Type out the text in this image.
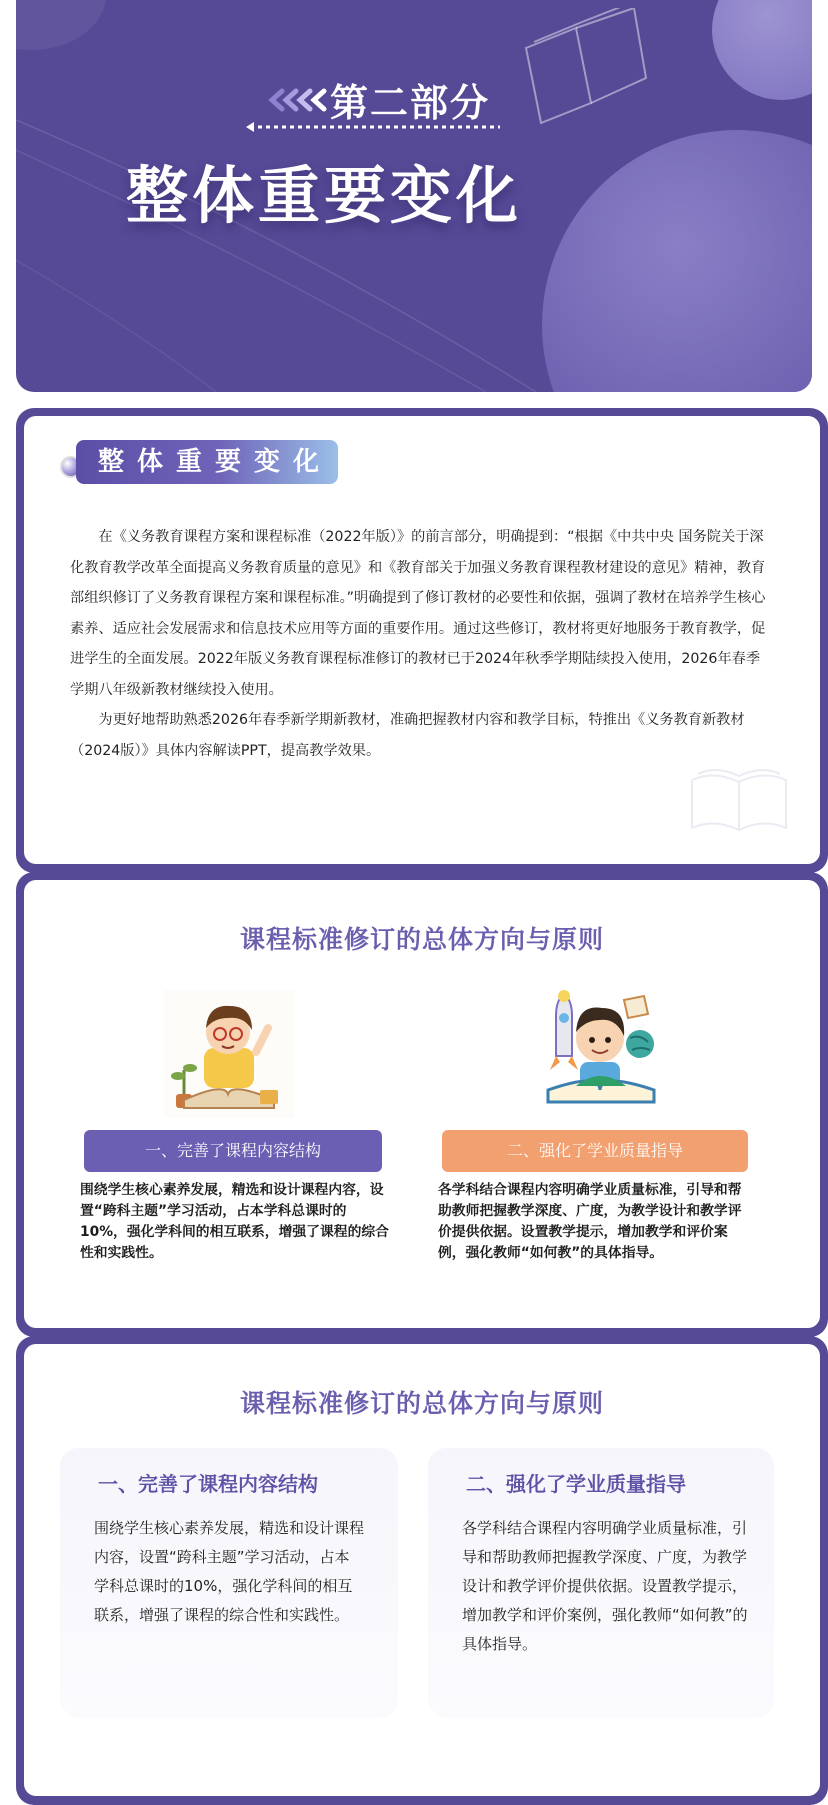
第二部分
整体重要变化
整体重要变化

在《义务教育课程方案和课程标准（2022年版）》的前言部分，明确提到：“根据《中共中央 国务院关于深化教育教学改革全面提高义务教育质量的意见》和《教育部关于加强义务教育课程教材建设的意见》精神，教育部组织修订了义务教育课程方案和课程标准。”明确提到了修订教材的必要性和依据，强调了教材在培养学生核心素养、适应社会发展需求和信息技术应用等方面的重要作用。通过这些修订，教材将更好地服务于教育教学，促进学生的全面发展。2022年版义务教育课程标准修订的教材已于2024年秋季学期陆续投入使用，2026年春季学期八年级新教材继续投入使用。

为更好地帮助熟悉2026年春季新学期新教材，准确把握教材内容和教学目标，特推出《义务教育新教材（2024版）》具体内容解读PPT，提高教学效果。

课程标准修订的总体方向与原则
一、完善了课程内容结构	二、强化了学业质量指导
围绕学生核心素养发展，精选和设计课程内容，设置“跨科主题”学习活动，占本学科总课时的10%，强化学科间的相互联系，增强了课程的综合性和实践性。
各学科结合课程内容明确学业质量标准，引导和帮助教师把握教学深度、广度，为教学设计和教学评价提供依据。设置教学提示，增加教学和评价案例，强化教师“如何教”的具体指导。
课程标准修订的总体方向与原则
一、完善了课程内容结构
围绕学生核心素养发展，精选和设计课程内容，设置“跨科主题”学习活动，占本学科总课时的10%，强化学科间的相互联系，增强了课程的综合性和实践性。
二、强化了学业质量指导
各学科结合课程内容明确学业质量标准，引导和帮助教师把握教学深度、广度，为教学设计和教学评价提供依据。设置教学提示，增加教学和评价案例，强化教师“如何教”的具体指导。
